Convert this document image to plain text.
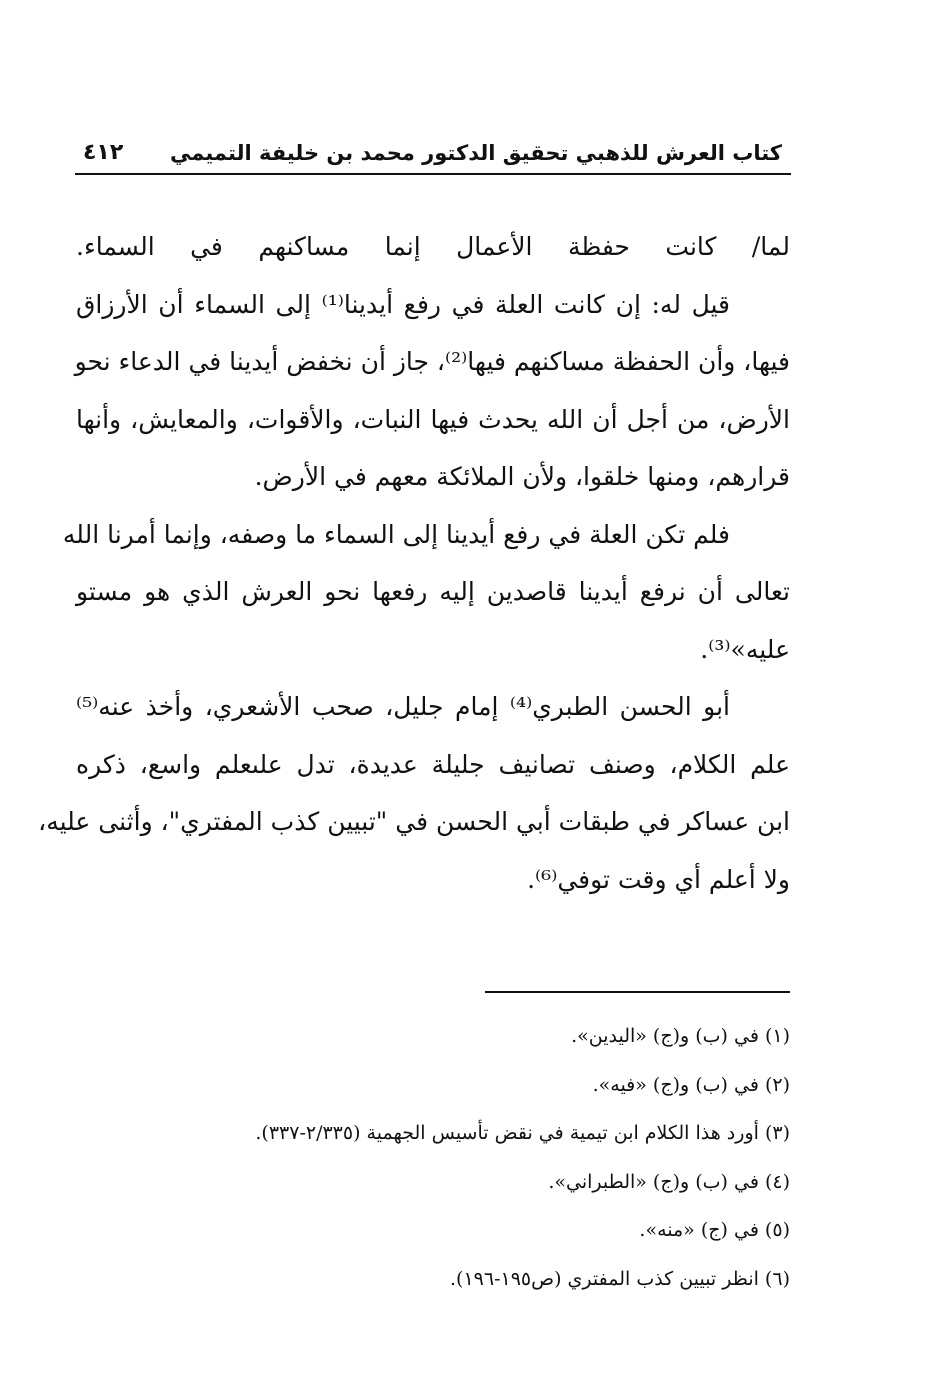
كتاب العرش للذهبي تحقيق الدكتور محمد بن خليفة التميمي
٤١٢
لما/ كانت حفظة الأعمال إنما مساكنهم في السماء.
قيل له: إن كانت العلة في رفع أيدينا⁽¹⁾ إلى السماء أن الأرزاق
فيها، وأن الحفظة مساكنهم فيها⁽²⁾، جاز أن نخفض أيدينا في الدعاء نحو
الأرض، من أجل أن الله يحدث فيها النبات، والأقوات، والمعايش، وأنها
قرارهم، ومنها خلقوا، ولأن الملائكة معهم في الأرض.
فلم تكن العلة في رفع أيدينا إلى السماء ما وصفه، وإنما أمرنا الله
تعالى أن نرفع أيدينا قاصدين إليه رفعها نحو العرش الذي هو مستو
عليه»⁽³⁾.
أبو الحسن الطبري⁽⁴⁾ إمام جليل، صحب الأشعري، وأخذ عنه⁽⁵⁾
علم الكلام، وصنف تصانيف جليلة عديدة، تدل علىعلم واسع، ذكره
ابن عساكر في طبقات أبي الحسن في "تبيين كذب المفتري"، وأثنى عليه،
ولا أعلم أي وقت توفي⁽⁶⁾.
(١) في (ب) و(ج) «اليدين».
(٢) في (ب) و(ج) «فيه».
(٣) أورد هذا الكلام ابن تيمية في نقض تأسيس الجهمية (٢/٣٣٥-٣٣٧).
(٤) في (ب) و(ج) «الطبراني».
(٥) في (ج) «منه».
(٦) انظر تبيين كذب المفتري (ص١٩٥-١٩٦).
